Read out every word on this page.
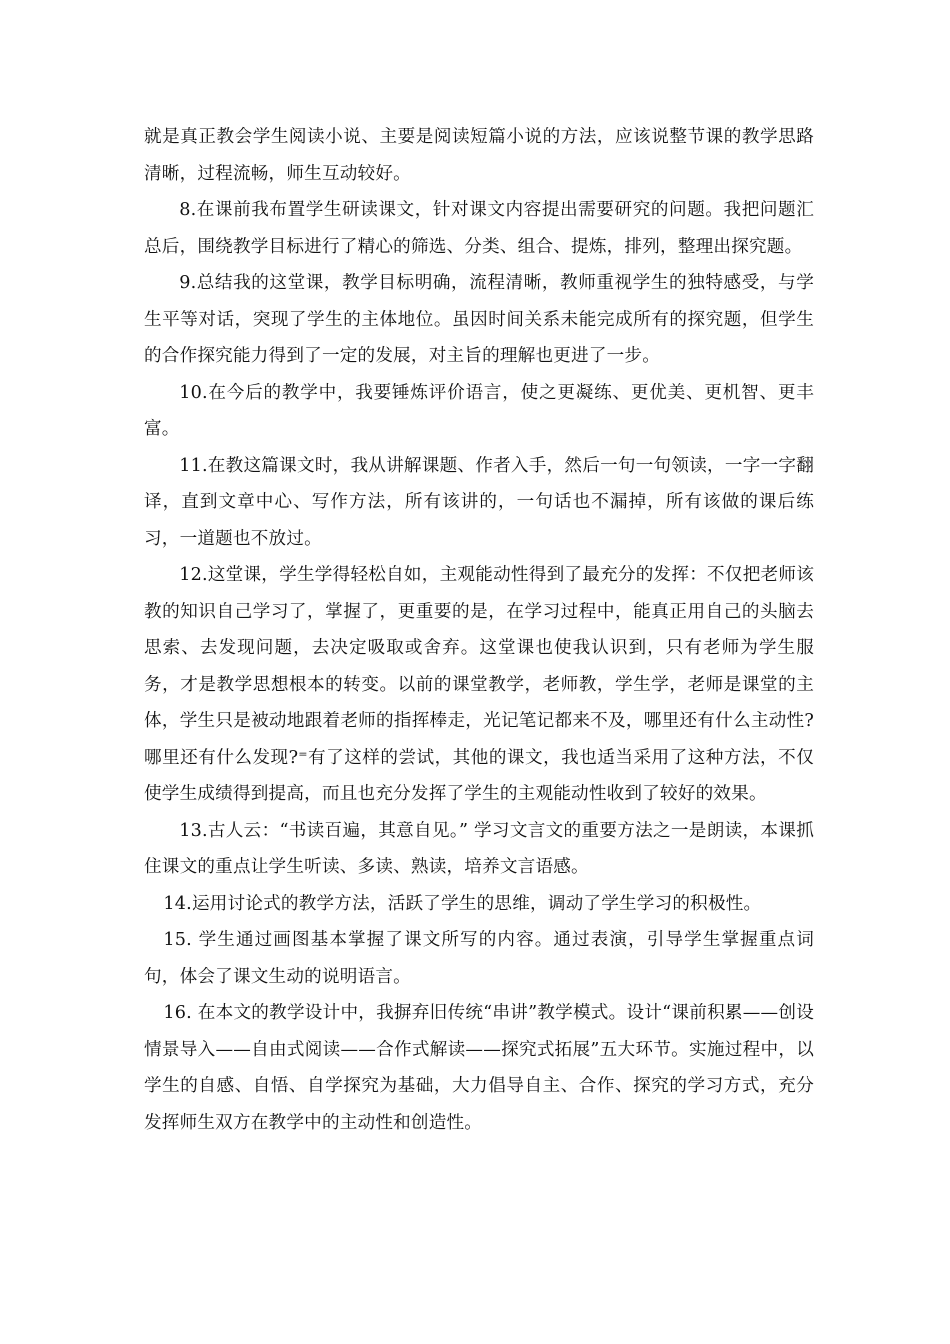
就是真正教会学生阅读小说、主要是阅读短篇小说的方法，应该说整节课的教学思路清晰，过程流畅，师生互动较好。

8.在课前我布置学生研读课文，针对课文内容提出需要研究的问题。我把问题汇总后，围绕教学目标进行了精心的筛选、分类、组合、提炼，排列，整理出探究题。

9.总结我的这堂课，教学目标明确，流程清晰，教师重视学生的独特感受，与学生平等对话，突现了学生的主体地位。虽因时间关系未能完成所有的探究题，但学生的合作探究能力得到了一定的发展，对主旨的理解也更进了一步。

10.在今后的教学中，我要锤炼评价语言，使之更凝练、更优美、更机智、更丰富。

11.在教这篇课文时，我从讲解课题、作者入手，然后一句一句领读，一字一字翻译，直到文章中心、写作方法，所有该讲的，一句话也不漏掉，所有该做的课后练习，一道题也不放过。

12.这堂课，学生学得轻松自如，主观能动性得到了最充分的发挥：不仅把老师该教的知识自己学习了，掌握了，更重要的是，在学习过程中，能真正用自己的头脑去思索、去发现问题，去决定吸取或舍弃。这堂课也使我认识到，只有老师为学生服务，才是教学思想根本的转变。以前的课堂教学，老师教，学生学，老师是课堂的主体，学生只是被动地跟着老师的指挥棒走，光记笔记都来不及，哪里还有什么主动性?哪里还有什么发现?⁼有了这样的尝试，其他的课文，我也适当采用了这种方法，不仅使学生成绩得到提高，而且也充分发挥了学生的主观能动性收到了较好的效果。

13.古人云：“书读百遍，其意自见。” 学习文言文的重要方法之一是朗读，本课抓住课文的重点让学生听读、多读、熟读，培养文言语感。

14.运用讨论式的教学方法，活跃了学生的思维，调动了学生学习的积极性。

15. 学生通过画图基本掌握了课文所写的内容。通过表演，引导学生掌握重点词句，体会了课文生动的说明语言。

16. 在本文的教学设计中，我摒弃旧传统“串讲”教学模式。设计“课前积累——创设情景导入——自由式阅读——合作式解读——探究式拓展”五大环节。实施过程中，以学生的自感、自悟、自学探究为基础，大力倡导自主、合作、探究的学习方式，充分发挥师生双方在教学中的主动性和创造性。
